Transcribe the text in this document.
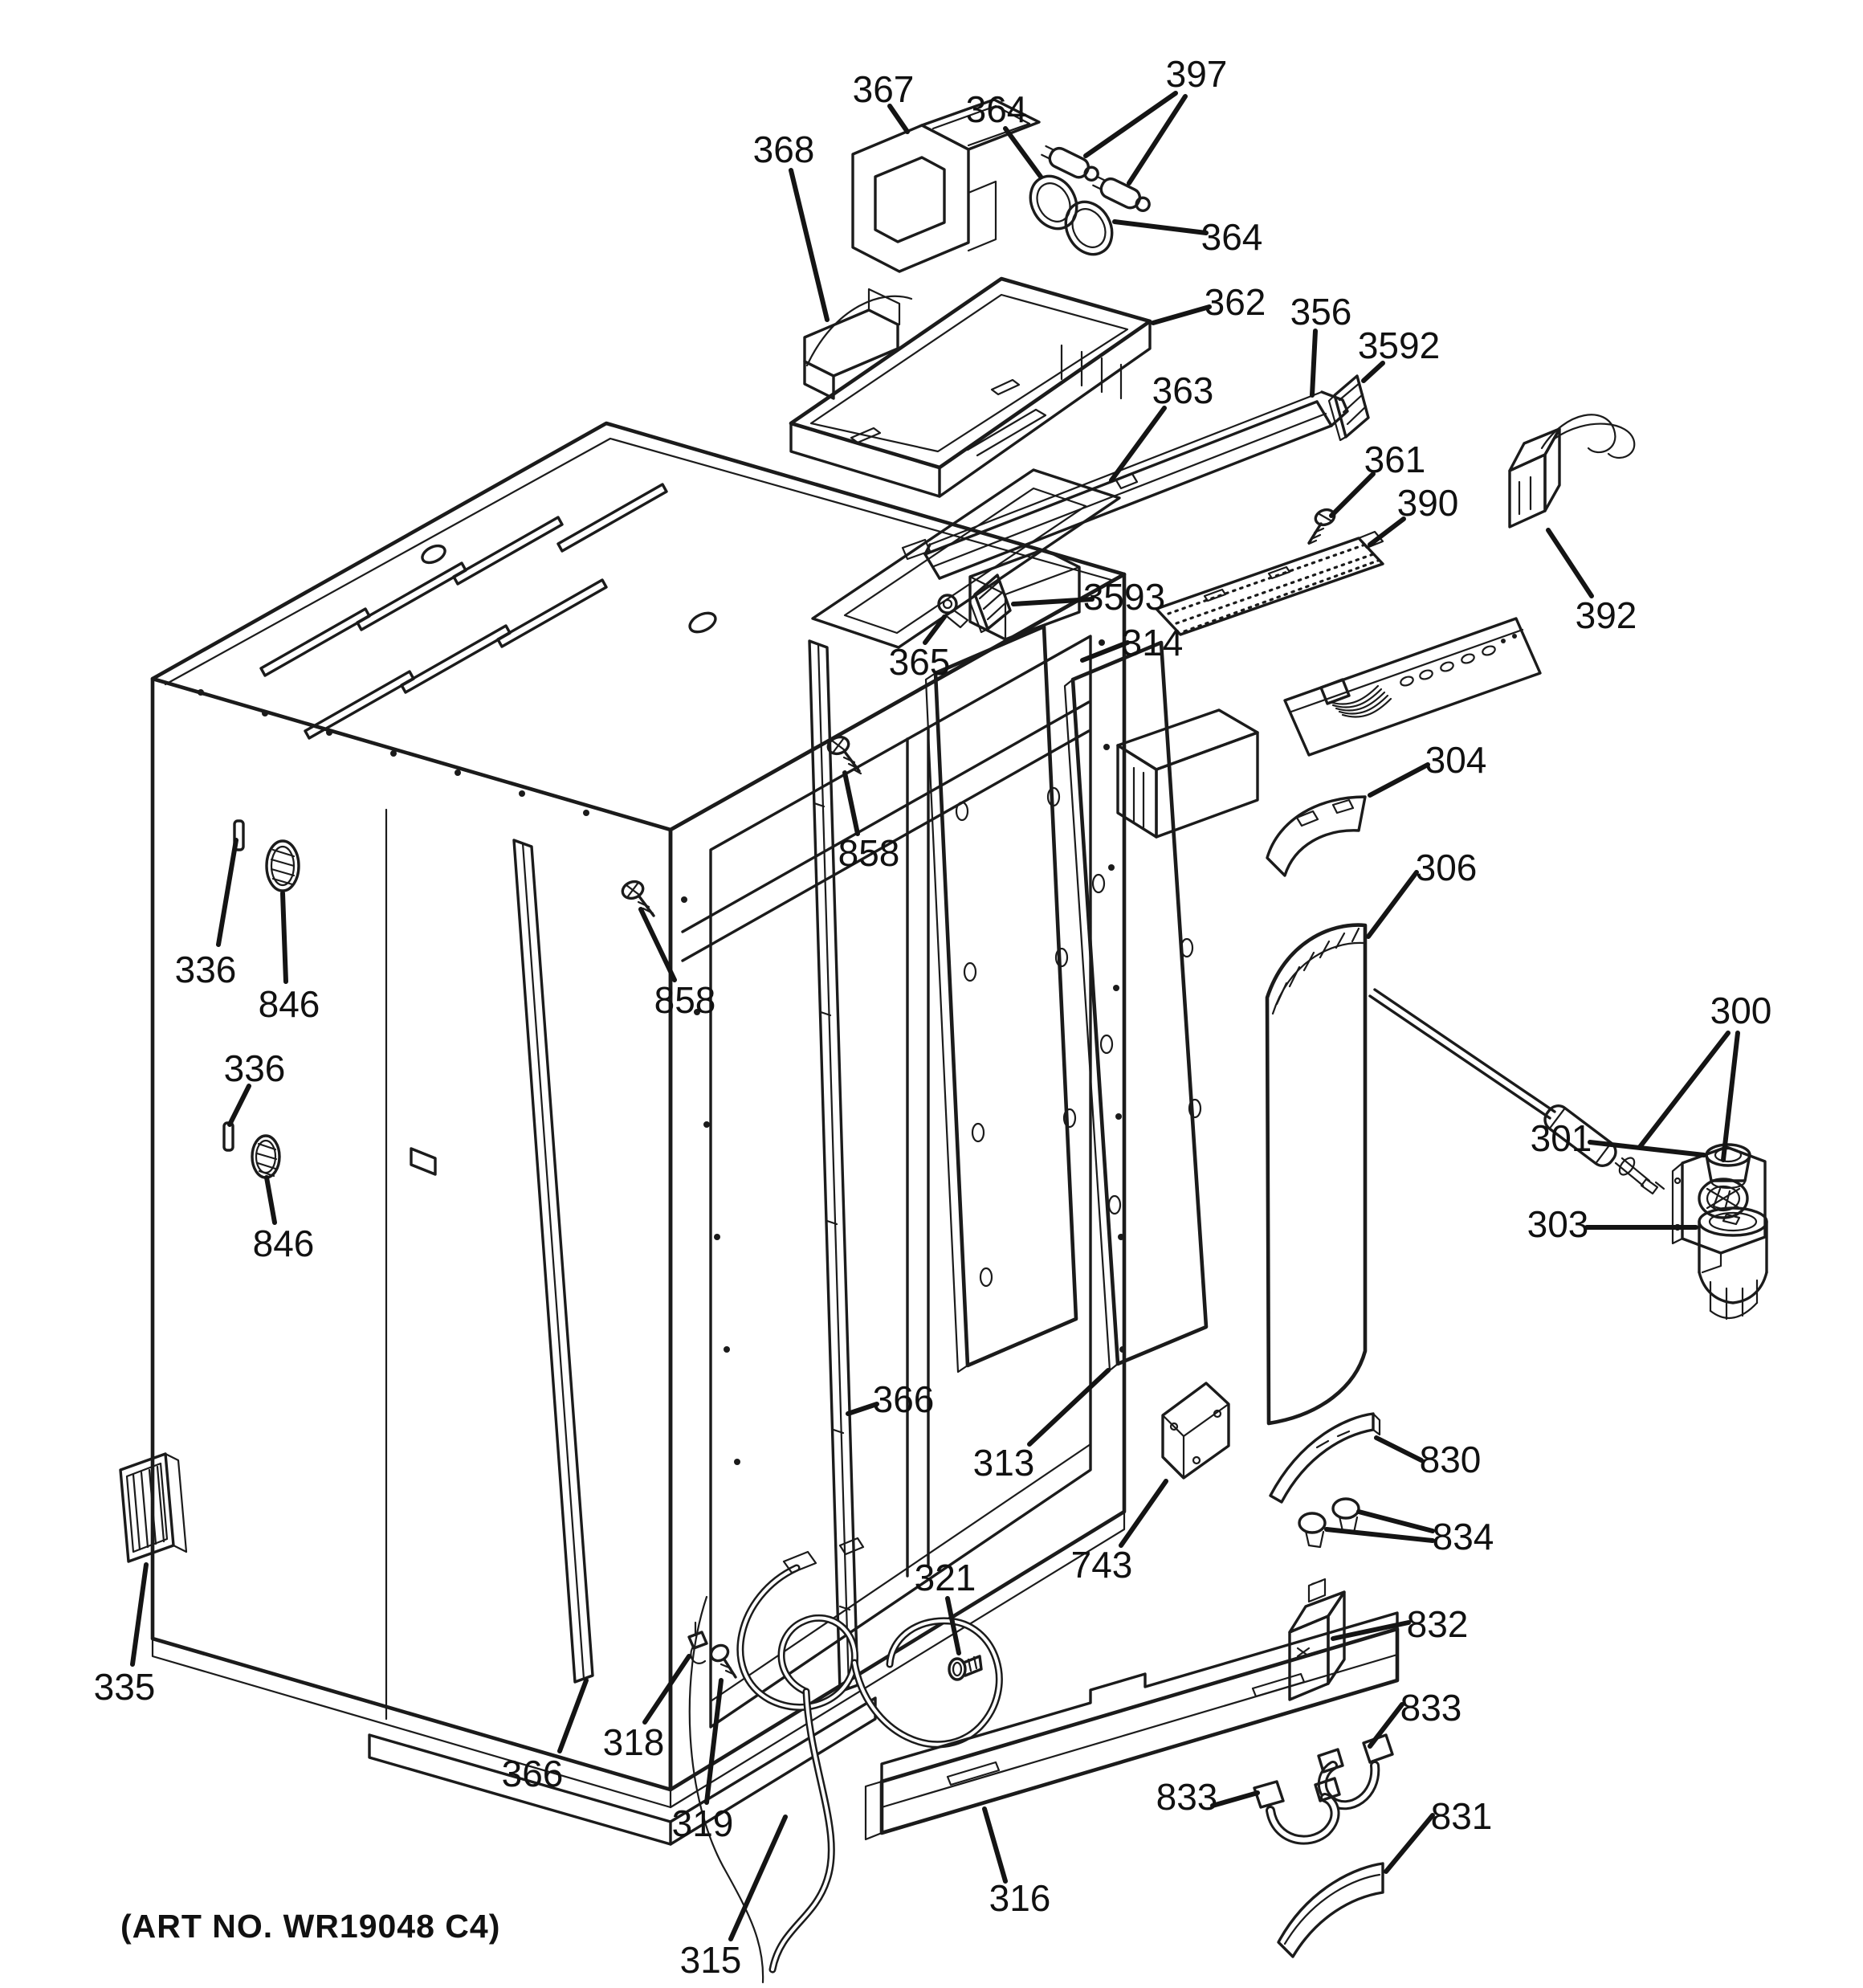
367
368
364
397
364
362 356
3592
363
361
390
392
3593
365	314
858
858
336
846
336
846
335
366
366
313
743
321
318
319
315
316
300
301
303
304
306
830
834
832
833
833	831
(ART NO. WR19048 C4)
